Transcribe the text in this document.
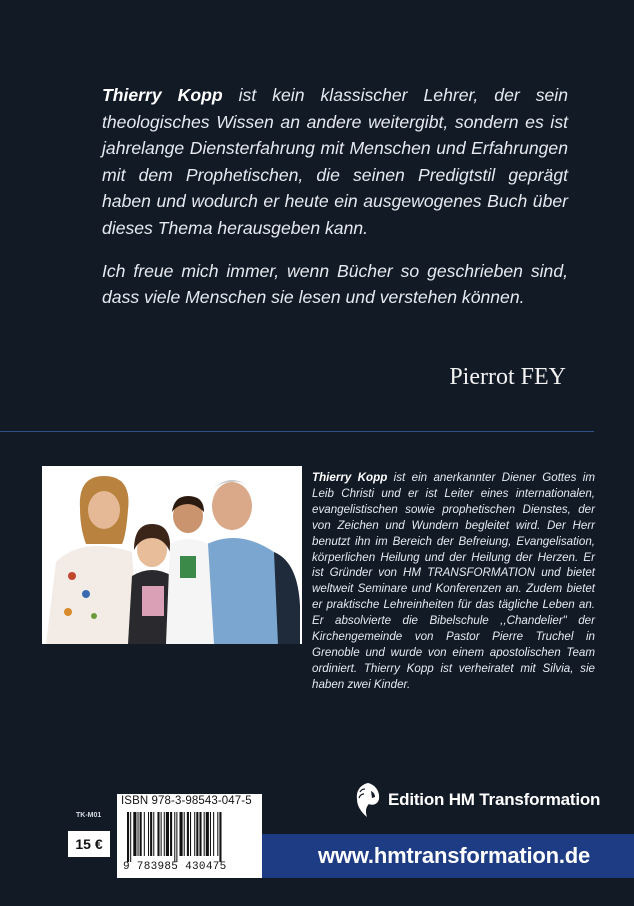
Thierry Kopp ist kein klassischer Lehrer, der sein theologisches Wissen an andere weitergibt, sondern es ist jahrelange Diensterfahrung mit Menschen und Erfahrungen mit dem Prophetischen, die seinen Predigtstil geprägt haben und wodurch er heute ein ausgewogenes Buch über dieses Thema herausgeben kann.

Ich freue mich immer, wenn Bücher so geschrieben sind, dass viele Menschen sie lesen und verstehen können.

Pierrot FEY
Thierry Kopp ist ein anerkannter Diener Gottes im Leib Christi und er ist Leiter eines internationalen, evangelistischen sowie prophetischen Dienstes, der von Zeichen und Wundern begleitet wird. Der Herr benutzt ihn im Bereich der Befreiung, Evangelisation, körperlichen Heilung und der Heilung der Herzen. Er ist Gründer von HM TRANSFORMATION und bietet weltweit Seminare und Konferenzen an. Zudem bietet er praktische Lehreinheiten für das tägliche Leben an. Er absolvierte die Bibelschule ,,Chandelier" der Kirchengemeinde von Pastor Pierre Truchel in Grenoble und wurde von einem apostolischen Team ordiniert. Thierry Kopp ist verheiratet mit Silvia, sie haben zwei Kinder.
Edition HM Transformation
www.hmtransformation.de
TK-M01
15 €
ISBN 978-3-98543-047-5
9 783985 430475
